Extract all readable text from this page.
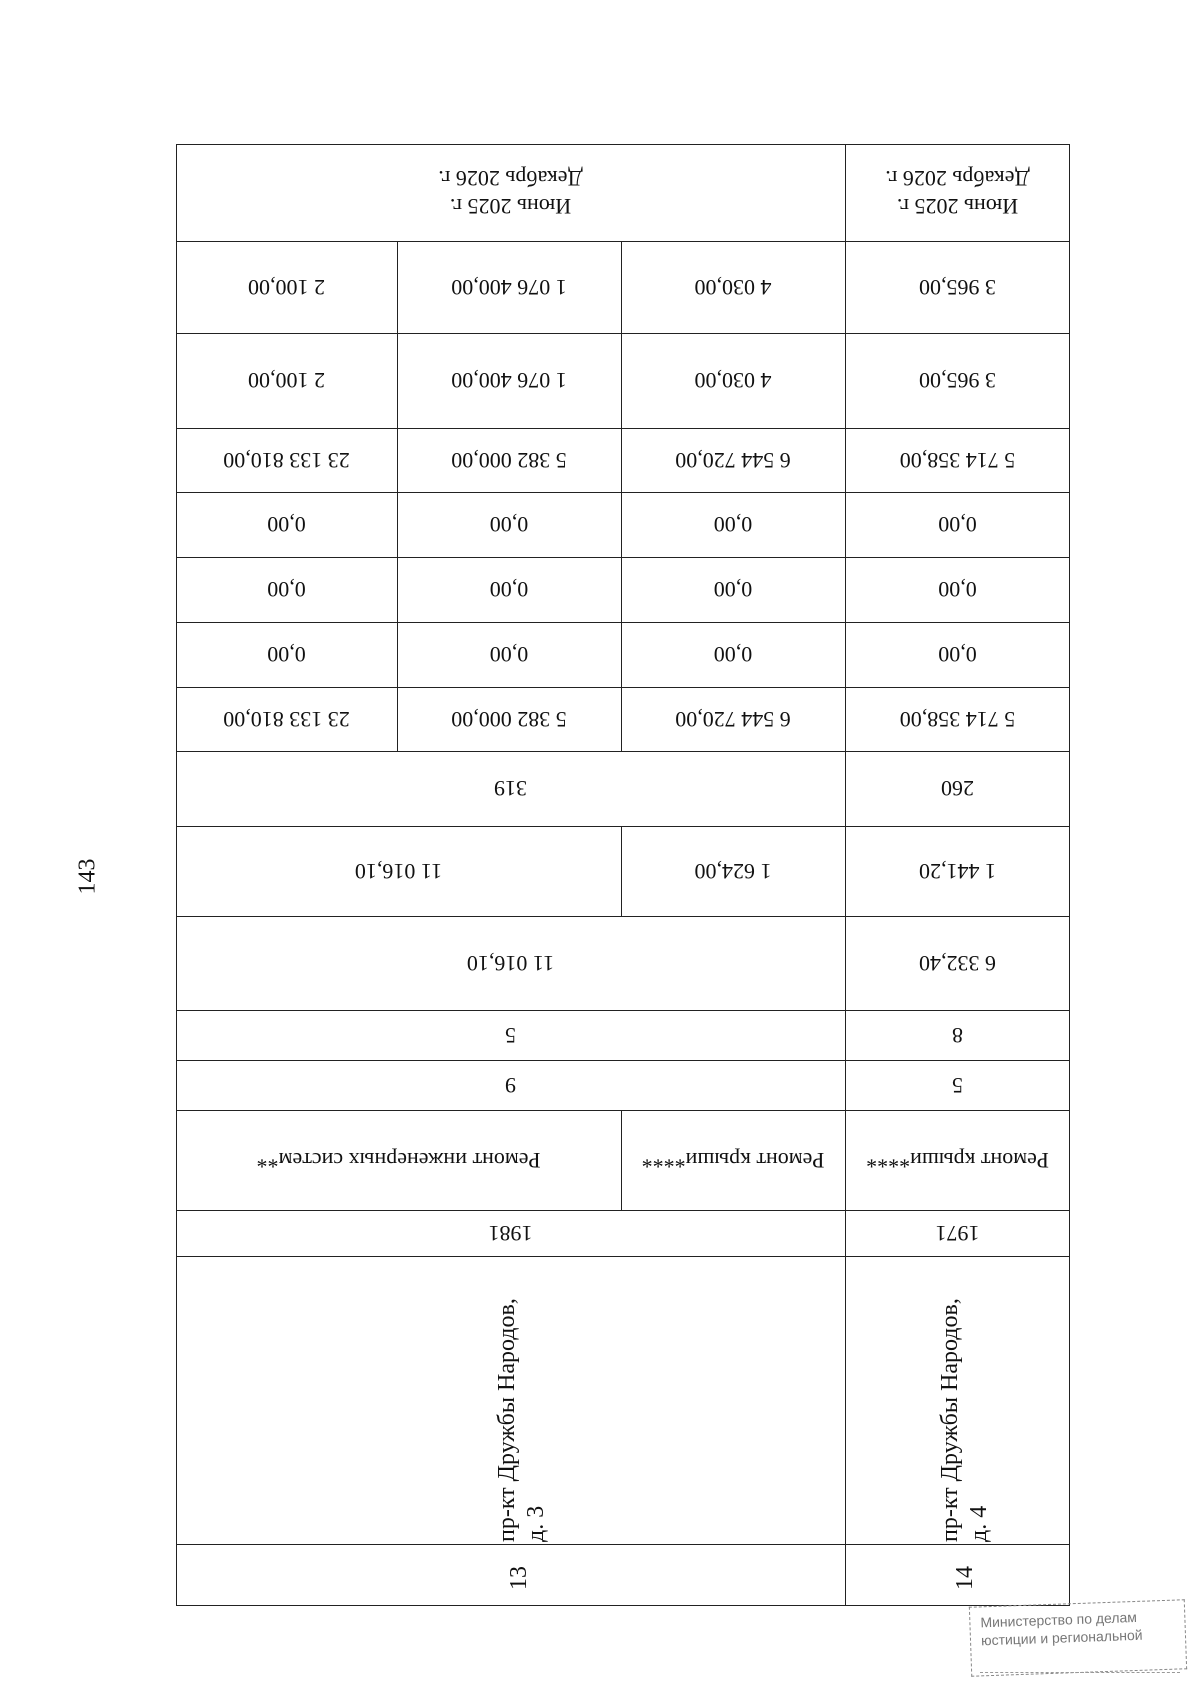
143
Июнь 2025 г.
Декабрь 2026 г.
3 965,00
3 965,00
5 714 358,00
0,00
0,00
0,00
5 714 358,00
260
1 441,20
6 332,40
8
5
Ремонт крыши****
1971
пр-кт Дружбы Народов, д. 4
14
Июнь 2025 г.
Декабрь 2026 г.
4 030,00
1 076 400,00
2 100,00
4 030,00
1 076 400,00
2 100,00
6 544 720,00
5 382 000,00
23 133 810,00
0,00
0,00
0,00
0,00
0,00
0,00
0,00
0,00
0,00
6 544 720,00
5 382 000,00
23 133 810,00
319
1 624,00
11 016,10
11 016,10
5
9
Ремонт крыши****
Ремонт инженерных систем**
1981
пр-кт Дружбы Народов, д. 3
13
Министерство по делам
юстиции и региональной
